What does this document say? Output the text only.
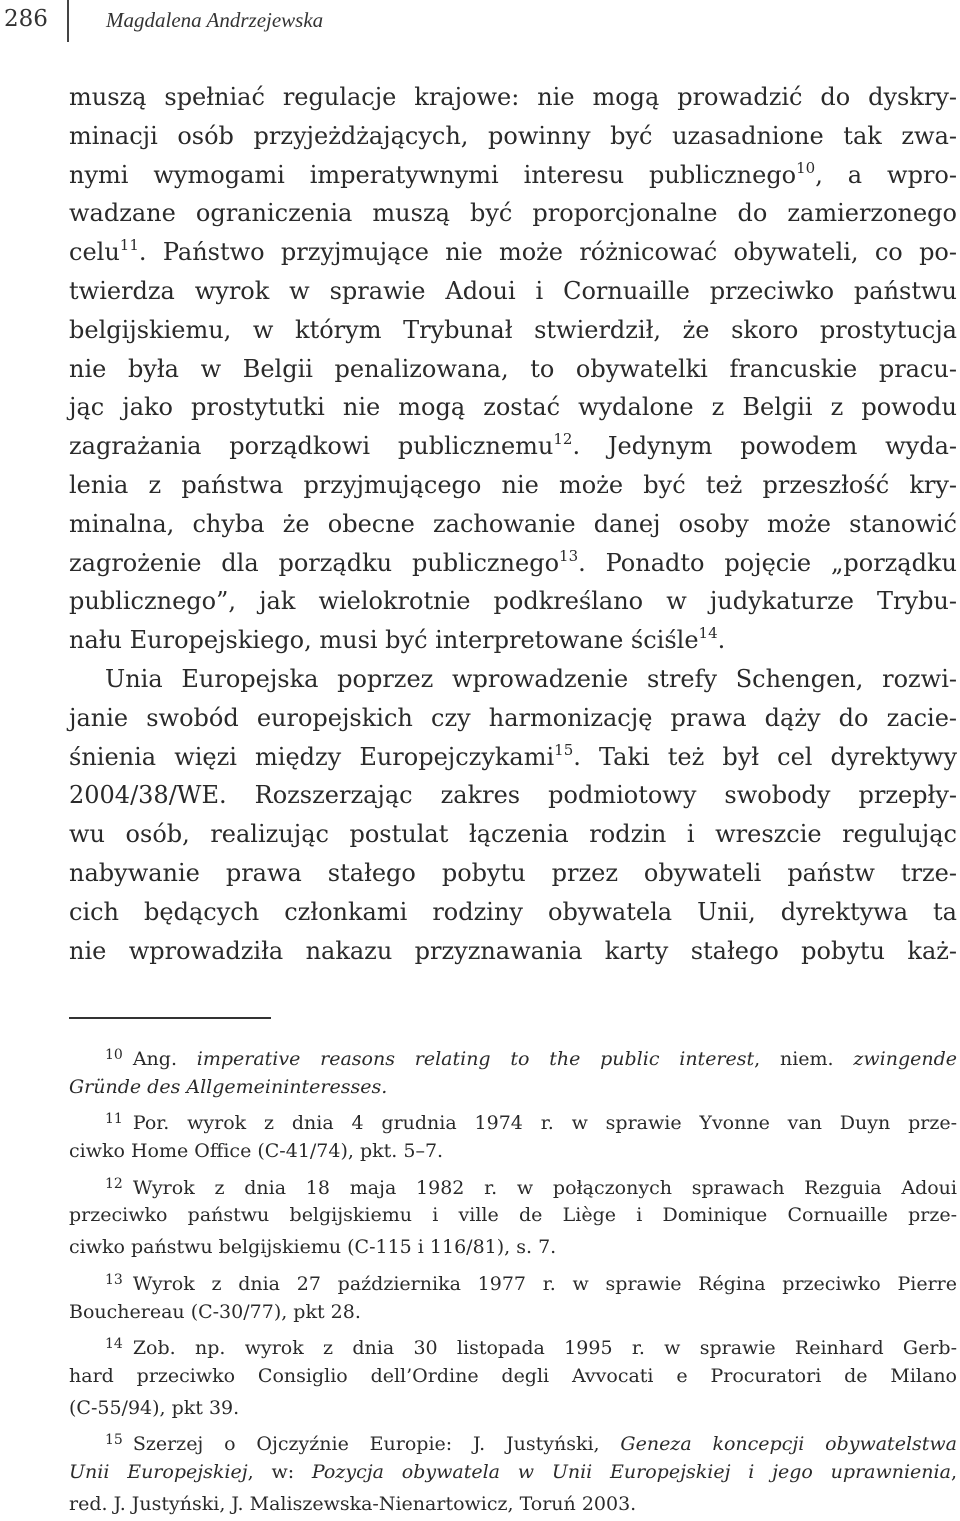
286	Magdalena Andrzejewska
muszą spełniać regulacje krajowe: nie mogą prowadzić do dyskry-
minacji osób przyjeżdżających, powinny być uzasadnione tak zwa-
nymi wymogami imperatywnymi interesu publicznego$^{10}$, a wpro-
wadzane ograniczenia muszą być proporcjonalne do zamierzonego
celu$^{11}$. Państwo przyjmujące nie może różnicować obywateli, co po-
twierdza wyrok w sprawie Adoui i Cornuaille przeciwko państwu
belgijskiemu, w którym Trybunał stwierdził, że skoro prostytucja
nie była w Belgii penalizowana, to obywatelki francuskie pracu-
jąc jako prostytutki nie mogą zostać wydalone z Belgii z powodu
zagrażania porządkowi publicznemu$^{12}$. Jedynym powodem wyda-
lenia z państwa przyjmującego nie może być też przeszłość kry-
minalna, chyba że obecne zachowanie danej osoby może stanowić
zagrożenie dla porządku publicznego$^{13}$. Ponadto pojęcie „porządku
publicznego”, jak wielokrotnie podkreślano w judykaturze Trybu-
nału Europejskiego, musi być interpretowane ściśle$^{14}$.
Unia Europejska poprzez wprowadzenie strefy Schengen, rozwi-
janie swobód europejskich czy harmonizację prawa dąży do zacie-
śnienia więzi między Europejczykami$^{15}$. Taki też był cel dyrektywy
2004/38/WE. Rozszerzając zakres podmiotowy swobody przepły-
wu osób, realizując postulat łączenia rodzin i wreszcie regulując
nabywanie prawa stałego pobytu przez obywateli państw trze-
cich będących członkami rodziny obywatela Unii, dyrektywa ta
nie wprowadziła nakazu przyznawania karty stałego pobytu każ-
$^{10}$ Ang. imperative reasons relating to the public interest, niem. zwingende
Gründe des Allgemeininteresses.
$^{11}$ Por. wyrok z dnia 4 grudnia 1974 r. w sprawie Yvonne van Duyn prze-
ciwko Home Office (C-41/74), pkt. 5–7.
$^{12}$ Wyrok z dnia 18 maja 1982 r. w połączonych sprawach Rezguia Adoui
przeciwko państwu belgijskiemu i ville de Liège i Dominique Cornuaille prze-
ciwko państwu belgijskiemu (C-115 i 116/81), s. 7.
$^{13}$ Wyrok z dnia 27 października 1977 r. w sprawie Régina przeciwko Pierre
Bouchereau (C-30/77), pkt 28.
$^{14}$ Zob. np. wyrok z dnia 30 listopada 1995 r. w sprawie Reinhard Gerb-
hard przeciwko Consiglio dell’Ordine degli Avvocati e Procuratori de Milano
(C-55/94), pkt 39.
$^{15}$ Szerzej o Ojczyźnie Europie: J. Justyński, Geneza koncepcji obywatelstwa
Unii Europejskiej, w: Pozycja obywatela w Unii Europejskiej i jego uprawnienia,
red. J. Justyński, J. Maliszewska-Nienartowicz, Toruń 2003.
